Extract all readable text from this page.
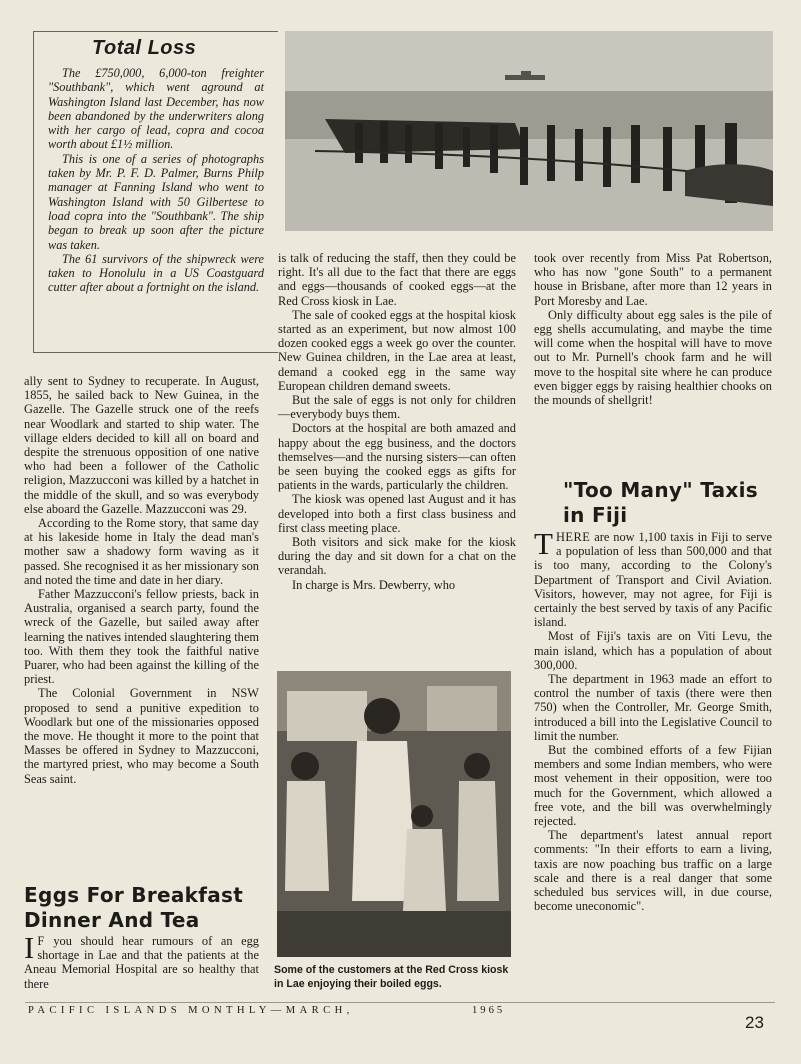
Total Loss

The £750,000, 6,000-ton freighter "Southbank", which went aground at Washington Island last December, has now been abandoned by the underwriters along with her cargo of lead, copra and cocoa worth about £1½ million.

This is one of a series of photographs taken by Mr. P. F. D. Palmer, Burns Philp manager at Fanning Island who went to Washington Island with 50 Gilbertese to load copra into the "Southbank". The ship began to break up soon after the picture was taken.

The 61 survivors of the shipwreck were taken to Honolulu in a US Coastguard cutter after about a fortnight on the island.

ally sent to Sydney to recuperate. In August, 1855, he sailed back to New Guinea, in the Gazelle. The Gazelle struck one of the reefs near Woodlark and started to ship water. The village elders decided to kill all on board and despite the strenuous opposition of one native who had been a follower of the Catholic religion, Mazzucconi was killed by a hatchet in the middle of the skull, and so was everybody else aboard the Gazelle. Mazzucconi was 29.

According to the Rome story, that same day at his lakeside home in Italy the dead man's mother saw a shadowy form waving as it passed. She recognised it as her missionary son and noted the time and date in her diary.

Father Mazzucconi's fellow priests, back in Australia, organised a search party, found the wreck of the Gazelle, but sailed away after learning the natives intended slaughtering them too. With them they took the faithful native Puarer, who had been against the killing of the priest.

The Colonial Government in NSW proposed to send a punitive expedition to Woodlark but one of the missionaries opposed the move. He thought it more to the point that Masses be offered in Sydney to Mazzucconi, the martyred priest, who may become a South Seas saint.

Eggs For Breakfast Dinner And Tea

I F you should hear rumours of an egg shortage in Lae and that the patients at the Aneau Memorial Hospital are so healthy that there

is talk of reducing the staff, then they could be right. It's all due to the fact that there are eggs and eggs—thousands of cooked eggs—at the Red Cross kiosk in Lae.

The sale of cooked eggs at the hospital kiosk started as an experiment, but now almost 100 dozen cooked eggs a week go over the counter. New Guinea children, in the Lae area at least, demand a cooked egg in the same way European children demand sweets.

But the sale of eggs is not only for children—everybody buys them.

Doctors at the hospital are both amazed and happy about the egg business, and the doctors themselves—and the nursing sisters—can often be seen buying the cooked eggs as gifts for patients in the wards, particularly the children.

The kiosk was opened last August and it has developed into both a first class business and first class meeting place.

Both visitors and sick make for the kiosk during the day and sit down for a chat on the verandah.

In charge is Mrs. Dewberry, who

Some of the customers at the Red Cross kiosk in Lae enjoying their boiled eggs.

took over recently from Miss Pat Robertson, who has now "gone South" to a permanent house in Brisbane, after more than 12 years in Port Moresby and Lae.

Only difficulty about egg sales is the pile of egg shells accumulating, and maybe the time will come when the hospital will have to move out to Mr. Purnell's chook farm and he will move to the hospital site where he can produce even bigger eggs by raising healthier chooks on the mounds of shellgrit!

"Too Many" Taxis in Fiji

THERE are now 1,100 taxis in Fiji to serve a population of less than 500,000 and that is too many, according to the Colony's Department of Transport and Civil Aviation. Visitors, however, may not agree, for Fiji is certainly the best served by taxis of any Pacific island.

Most of Fiji's taxis are on Viti Levu, the main island, which has a population of about 300,000.

The department in 1963 made an effort to control the number of taxis (there were then 750) when the Controller, Mr. George Smith, introduced a bill into the Legislative Council to limit the number.

But the combined efforts of a few Fijian members and some Indian members, who were most vehement in their opposition, were too much for the Government, which allowed a free vote, and the bill was overwhelmingly rejected.

The department's latest annual report comments: "In their efforts to earn a living, taxis are now poaching bus traffic on a large scale and there is a real danger that some scheduled bus services will, in due course, become uneconomic".

PACIFIC ISLANDS MONTHLY—MARCH,	1965
23
